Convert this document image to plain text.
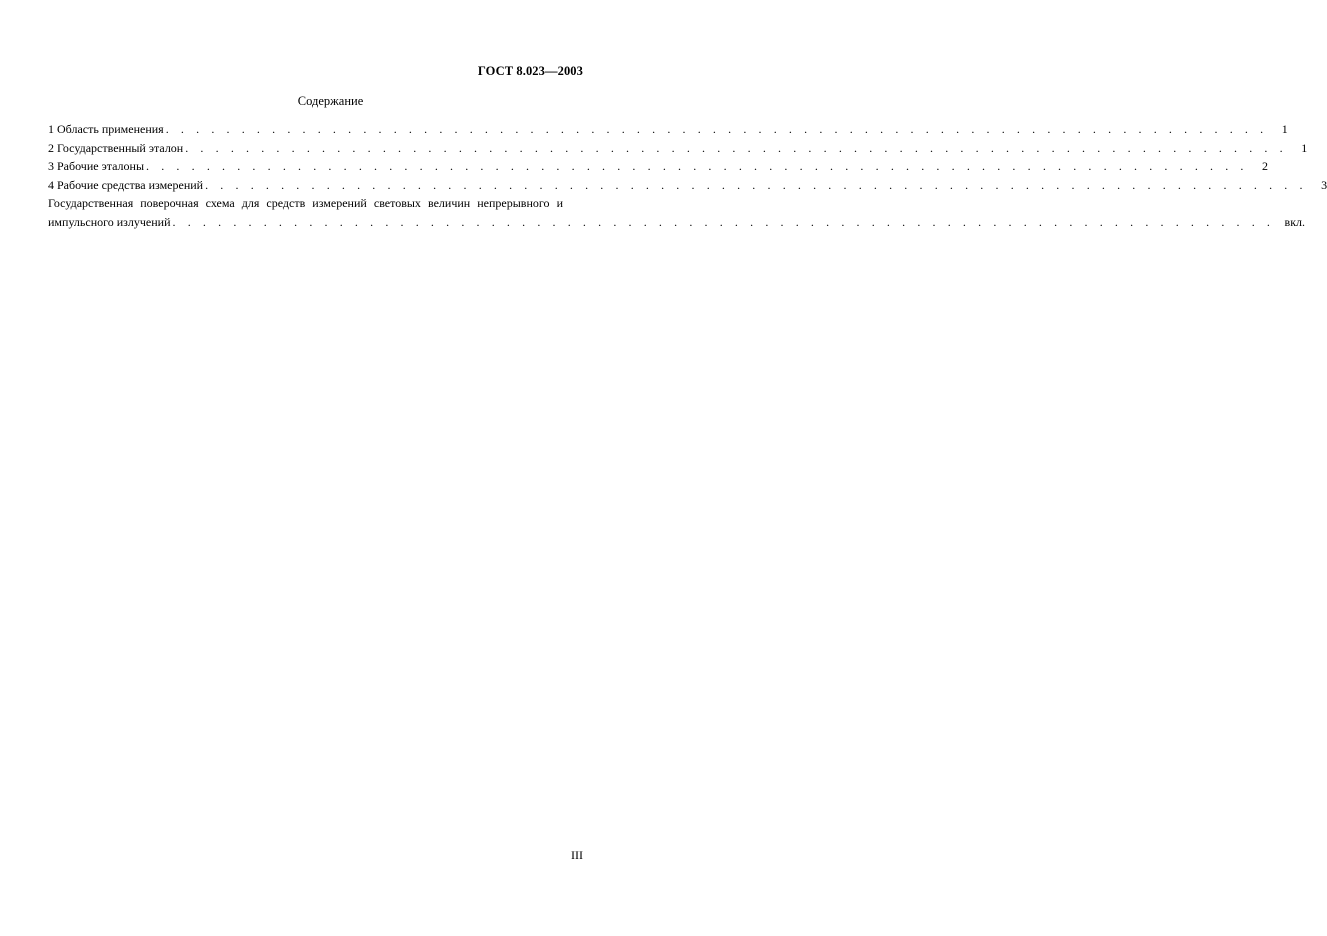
ГОСТ 8.023—2003
Содержание
1 Область применения . . . . . . . . . . . . . . . . . . . . . . . . . . . . . . . . . . . . . . . . . . . . . . . . . . . . . . . . . . . . . . . . . . . . . . . . .	1
2 Государственный эталон . . . . . . . . . . . . . . . . . . . . . . . . . . . . . . . . . . . . . . . . . . . . . . . . . . . . . . . . . . . . . . . . . . . . . . . . .	1
3 Рабочие эталоны . . . . . . . . . . . . . . . . . . . . . . . . . . . . . . . . . . . . . . . . . . . . . . . . . . . . . . . . . . . . . . . . . . . . . . . . .	2
4 Рабочие средства измерений . . . . . . . . . . . . . . . . . . . . . . . . . . . . . . . . . . . . . . . . . . . . . . . . . . . . . . . . . . . . . . . . . . . . . . . . .	3
Государственная поверочная схема для средств измерений световых величин непрерывного и
импульсного излучений . . . . . . . . . . . . . . . . . . . . . . . . . . . . . . . . . . . . . . . . . . . . . . . . . . . . . . . . . . . . . . . . . . . . . . . . . вкл.
III
